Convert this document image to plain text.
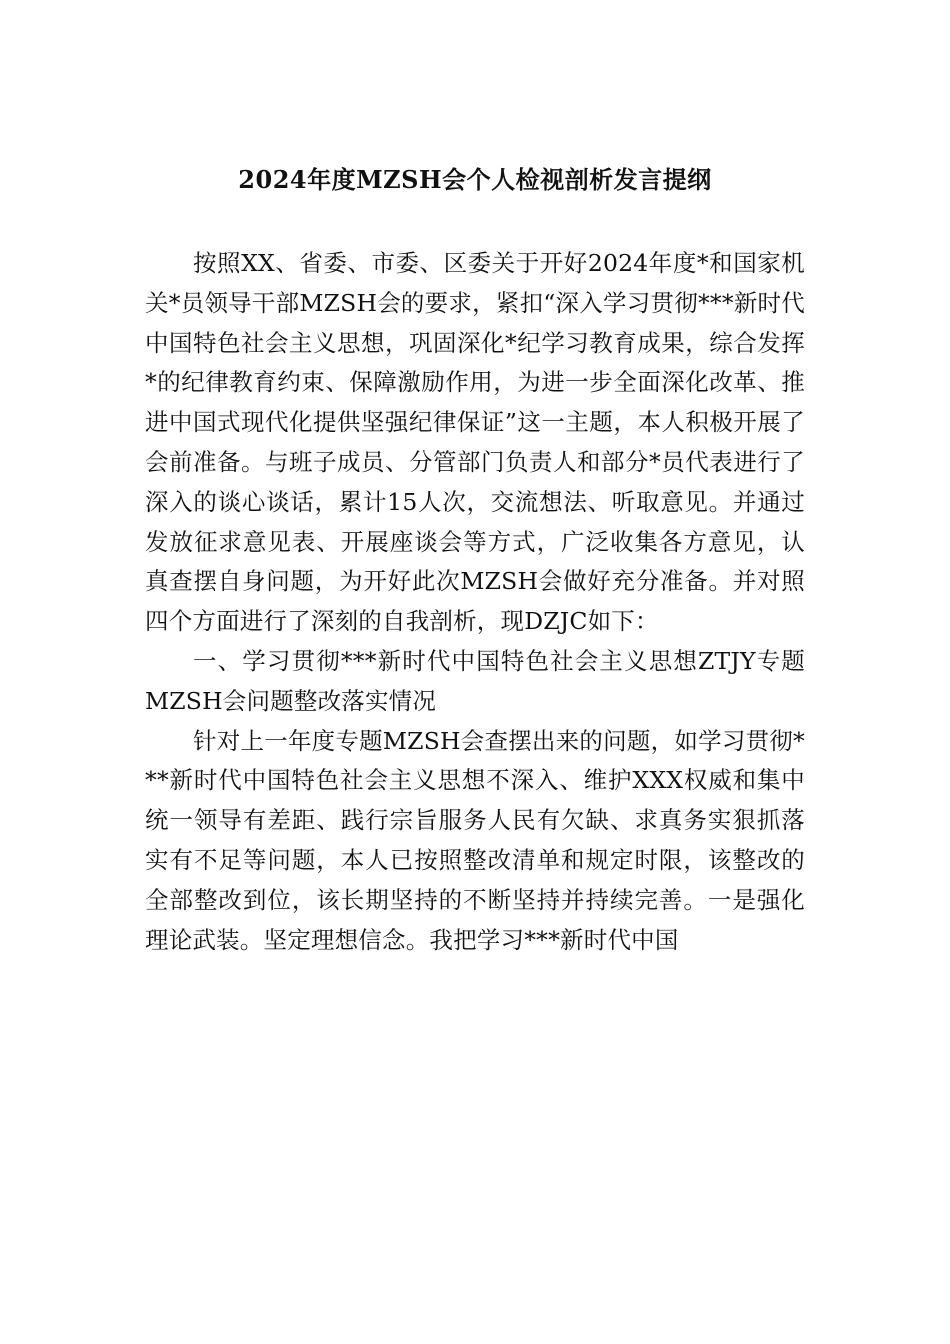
2024年度MZSH会个人检视剖析发言提纲

按照XX、省委、市委、区委关于开好2024年度*和国家机关*员领导干部MZSH会的要求，紧扣“深入学习贯彻***新时代中国特色社会主义思想，巩固深化*纪学习教育成果，综合发挥*的纪律教育约束、保障激励作用，为进一步全面深化改革、推进中国式现代化提供坚强纪律保证”这一主题，本人积极开展了会前准备。与班子成员、分管部门负责人和部分*员代表进行了深入的谈心谈话，累计15人次，交流想法、听取意见。并通过发放征求意见表、开展座谈会等方式，广泛收集各方意见，认真查摆自身问题，为开好此次MZSH会做好充分准备。并对照四个方面进行了深刻的自我剖析，现DZJC如下：

一、学习贯彻***新时代中国特色社会主义思想ZTJY专题MZSH会问题整改落实情况

针对上一年度专题MZSH会查摆出来的问题，如学习贯彻***新时代中国特色社会主义思想不深入、维护XXX权威和集中统一领导有差距、践行宗旨服务人民有欠缺、求真务实狠抓落实有不足等问题，本人已按照整改清单和规定时限，该整改的全部整改到位，该长期坚持的不断坚持并持续完善。一是强化理论武装。坚定理想信念。我把学习***新时代中国
